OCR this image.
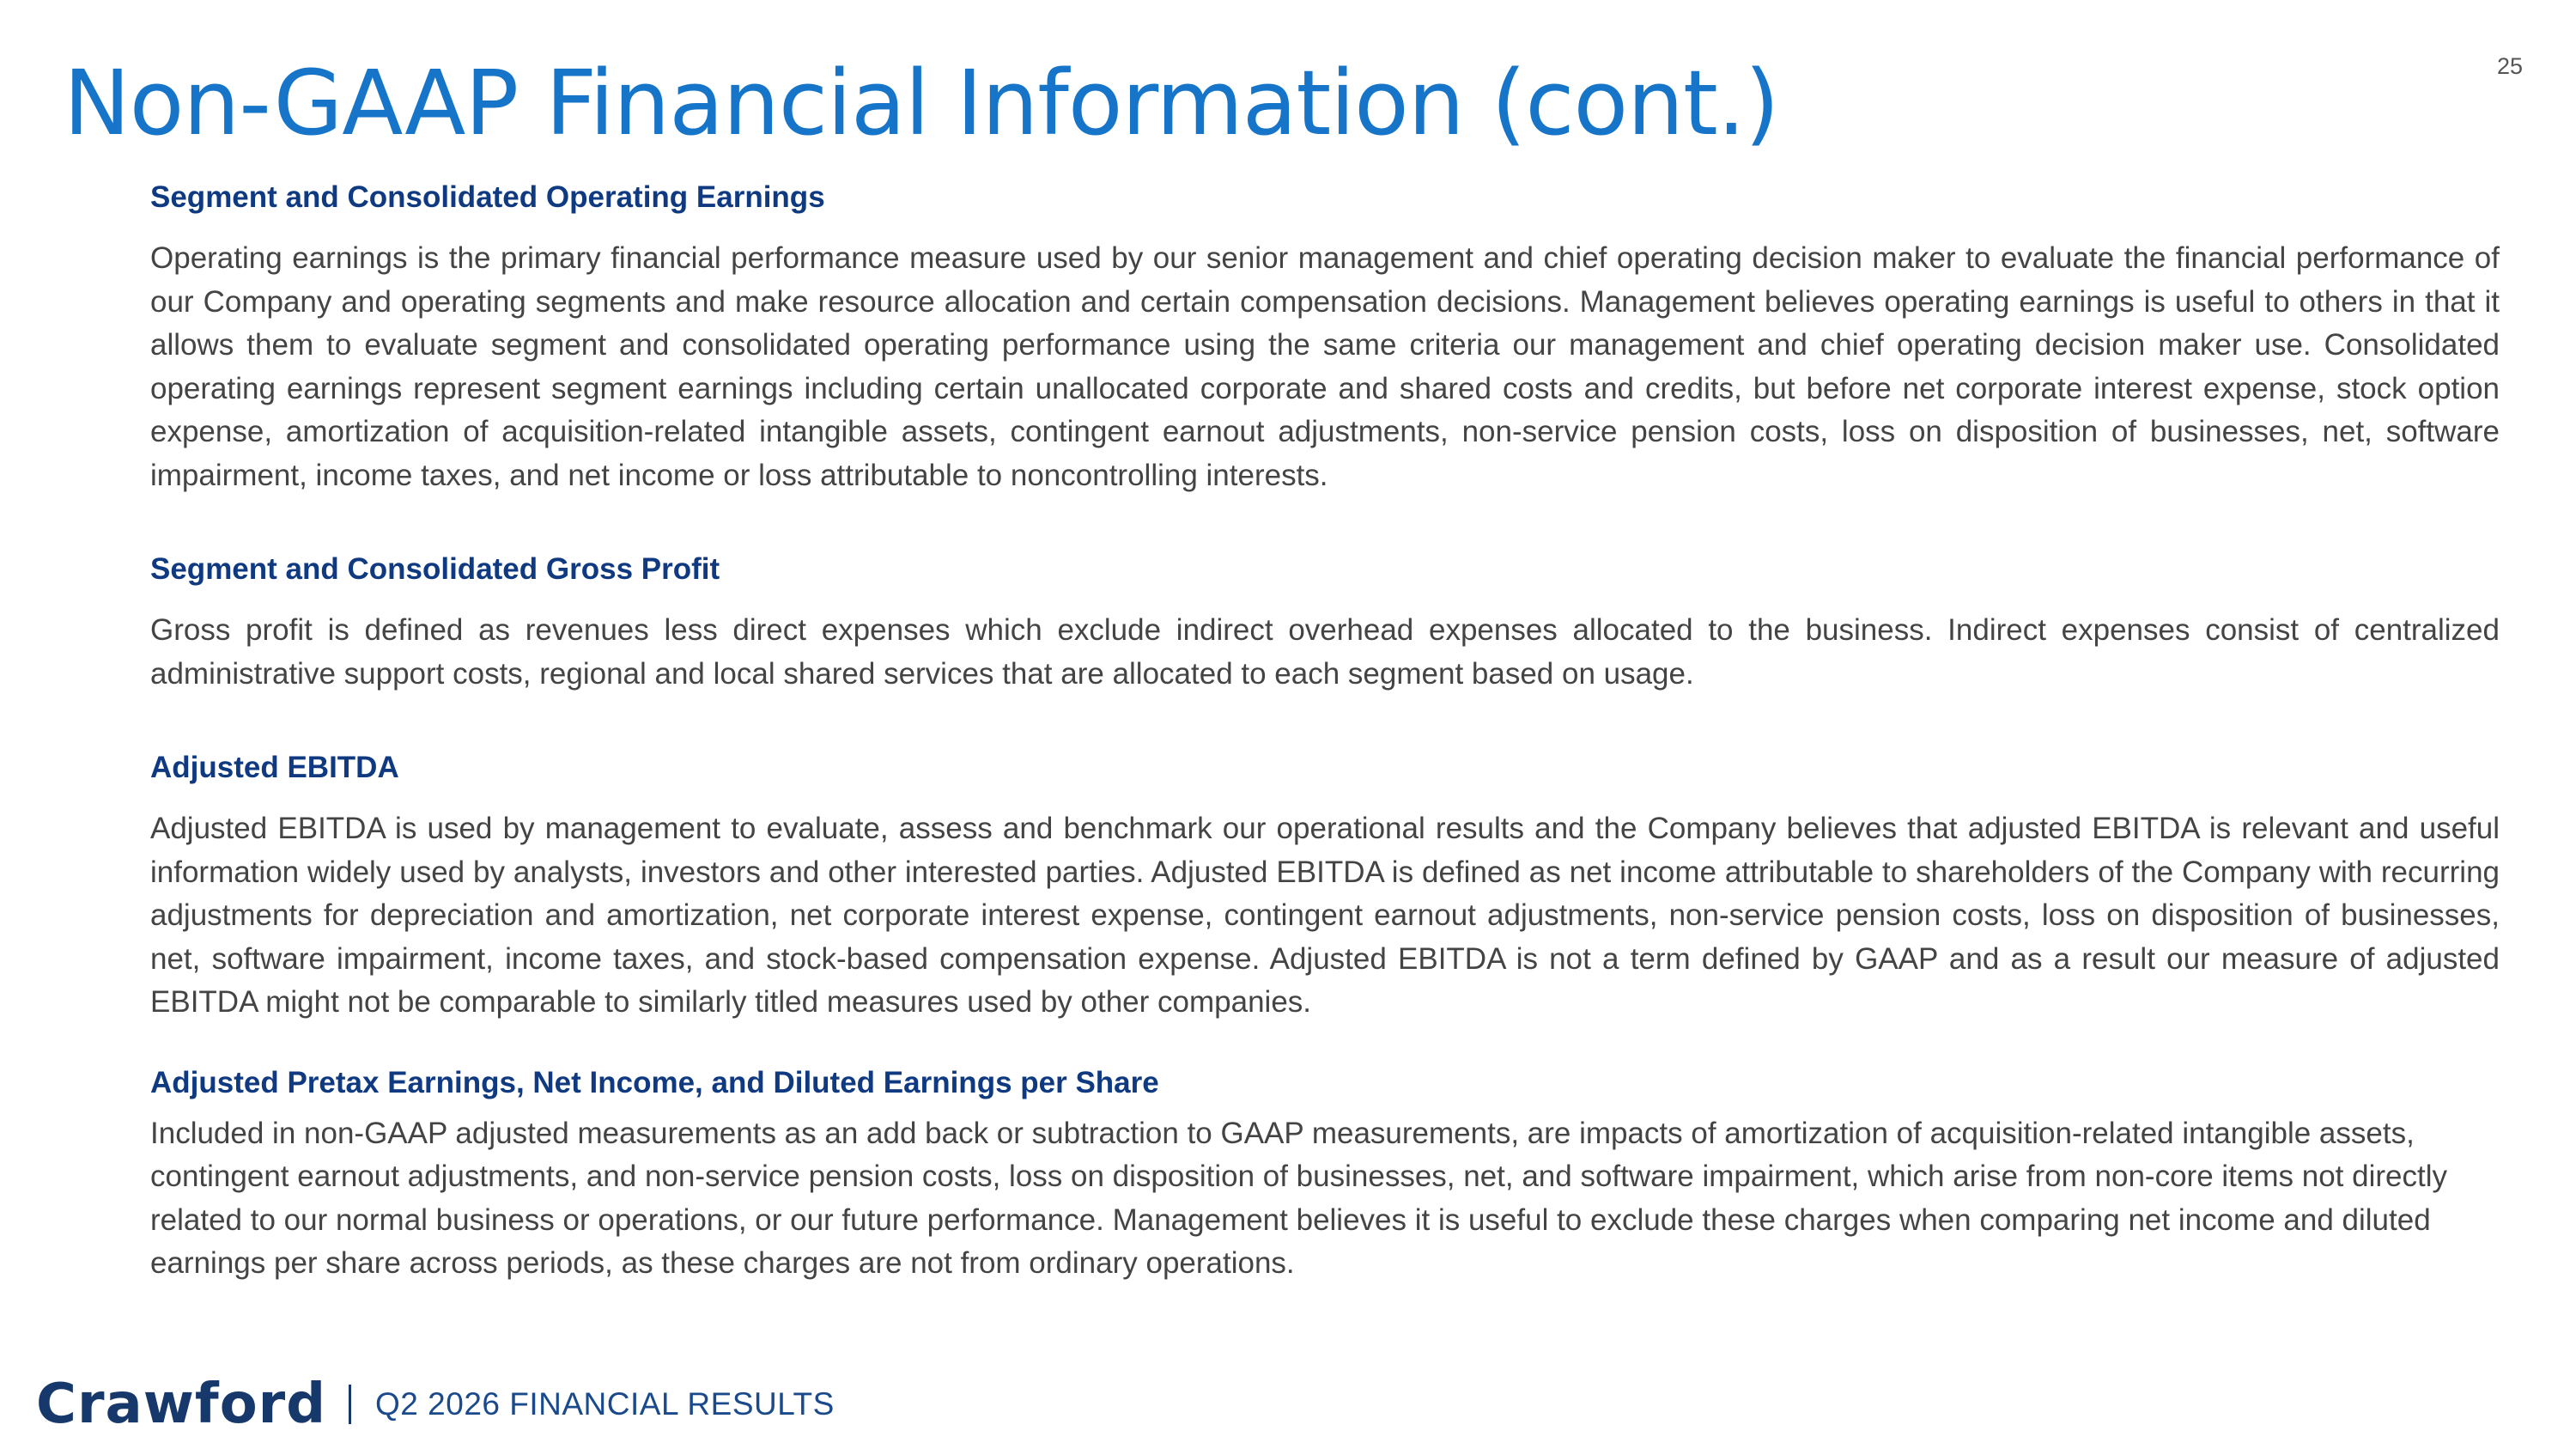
25
Non-GAAP Financial Information (cont.)
Segment and Consolidated Operating Earnings

Operating earnings is the primary financial performance measure used by our senior management and chief operating decision maker to evaluate the financial performance of our Company and operating segments and make resource allocation and certain compensation decisions. Management believes operating earnings is useful to others in that it allows them to evaluate segment and consolidated operating performance using the same criteria our management and chief operating decision maker use. Consolidated operating earnings represent segment earnings including certain unallocated corporate and shared costs and credits, but before net corporate interest expense, stock option expense, amortization of acquisition-related intangible assets, contingent earnout adjustments, non-service pension costs, loss on disposition of businesses, net, software impairment, income taxes, and net income or loss attributable to noncontrolling interests.

Segment and Consolidated Gross Profit

Gross profit is defined as revenues less direct expenses which exclude indirect overhead expenses allocated to the business. Indirect expenses consist of centralized administrative support costs, regional and local shared services that are allocated to each segment based on usage.

Adjusted EBITDA

Adjusted EBITDA is used by management to evaluate, assess and benchmark our operational results and the Company believes that adjusted EBITDA is relevant and useful information widely used by analysts, investors and other interested parties. Adjusted EBITDA is defined as net income attributable to shareholders of the Company with recurring adjustments for depreciation and amortization, net corporate interest expense, contingent earnout adjustments, non-service pension costs, loss on disposition of businesses, net, software impairment, income taxes, and stock-based compensation expense. Adjusted EBITDA is not a term defined by GAAP and as a result our measure of adjusted EBITDA might not be comparable to similarly titled measures used by other companies.

Adjusted Pretax Earnings, Net Income, and Diluted Earnings per Share

Included in non-GAAP adjusted measurements as an add back or subtraction to GAAP measurements, are impacts of amortization of acquisition-related intangible assets, contingent earnout adjustments, and non-service pension costs, loss on disposition of businesses, net, and software impairment, which arise from non-core items not directly related to our normal business or operations, or our future performance. Management believes it is useful to exclude these charges when comparing net income and diluted earnings per share across periods, as these charges are not from ordinary operations.

Crawford Q2 2026 FINANCIAL RESULTS
